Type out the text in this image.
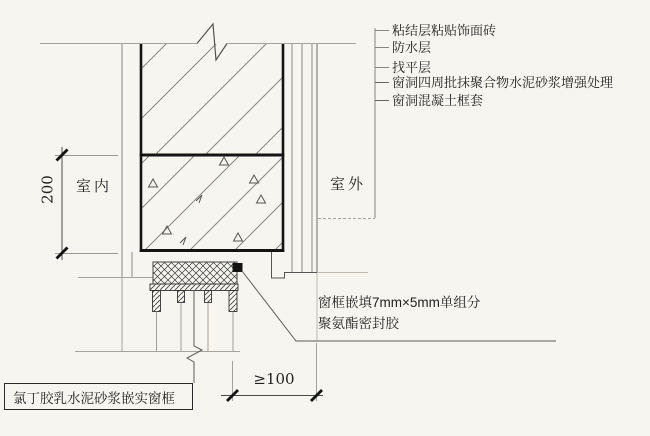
粘结层粘贴饰面砖
防水层
找平层
窗洞四周批抹聚合物水泥砂浆增强处理
窗洞混凝土框套
室内	室外
200
≥100
窗框嵌填7mm×5mm单组分
聚氨酯密封胶
氯丁胶乳水泥砂浆嵌实窗框
